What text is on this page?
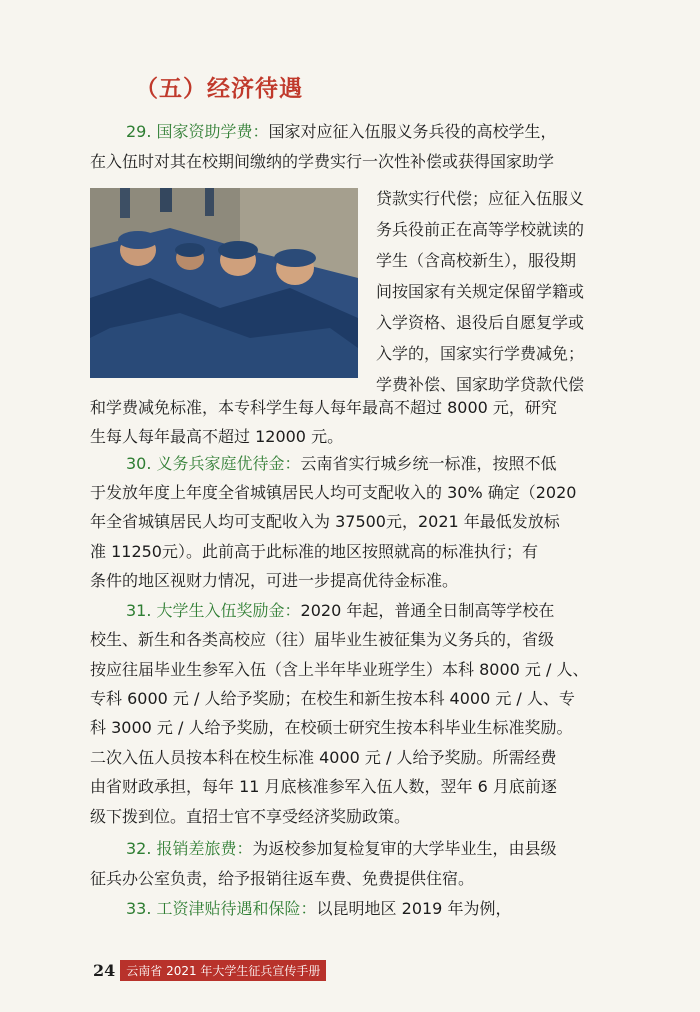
（五）经济待遇
29. 国家资助学费：国家对应征入伍服义务兵役的高校学生，
在入伍时对其在校期间缴纳的学费实行一次性补偿或获得国家助学
贷款实行代偿；应征入伍服义
务兵役前正在高等学校就读的
学生（含高校新生），服役期
间按国家有关规定保留学籍或
入学资格、退役后自愿复学或
入学的，国家实行学费减免；
学费补偿、国家助学贷款代偿
和学费减免标准，本专科学生每人每年最高不超过 8000 元，研究
生每人每年最高不超过 12000 元。
30. 义务兵家庭优待金：云南省实行城乡统一标准，按照不低
于发放年度上年度全省城镇居民人均可支配收入的 30% 确定（2020
年全省城镇居民人均可支配收入为 37500元，2021 年最低发放标
准 11250元）。此前高于此标准的地区按照就高的标准执行；有
条件的地区视财力情况，可进一步提高优待金标准。
31. 大学生入伍奖励金：2020 年起，普通全日制高等学校在
校生、新生和各类高校应（往）届毕业生被征集为义务兵的，省级
按应往届毕业生参军入伍（含上半年毕业班学生）本科 8000 元 / 人、
专科 6000 元 / 人给予奖励；在校生和新生按本科 4000 元 / 人、专
科 3000 元 / 人给予奖励，在校硕士研究生按本科毕业生标准奖励。
二次入伍人员按本科在校生标准 4000 元 / 人给予奖励。所需经费
由省财政承担，每年 11 月底核准参军入伍人数，翌年 6 月底前逐
级下拨到位。直招士官不享受经济奖励政策。
32. 报销差旅费：为返校参加复检复审的大学毕业生，由县级
征兵办公室负责，给予报销往返车费、免费提供住宿。
33. 工资津贴待遇和保险：以昆明地区 2019 年为例，
24 云南省 2021 年大学生征兵宣传手册
